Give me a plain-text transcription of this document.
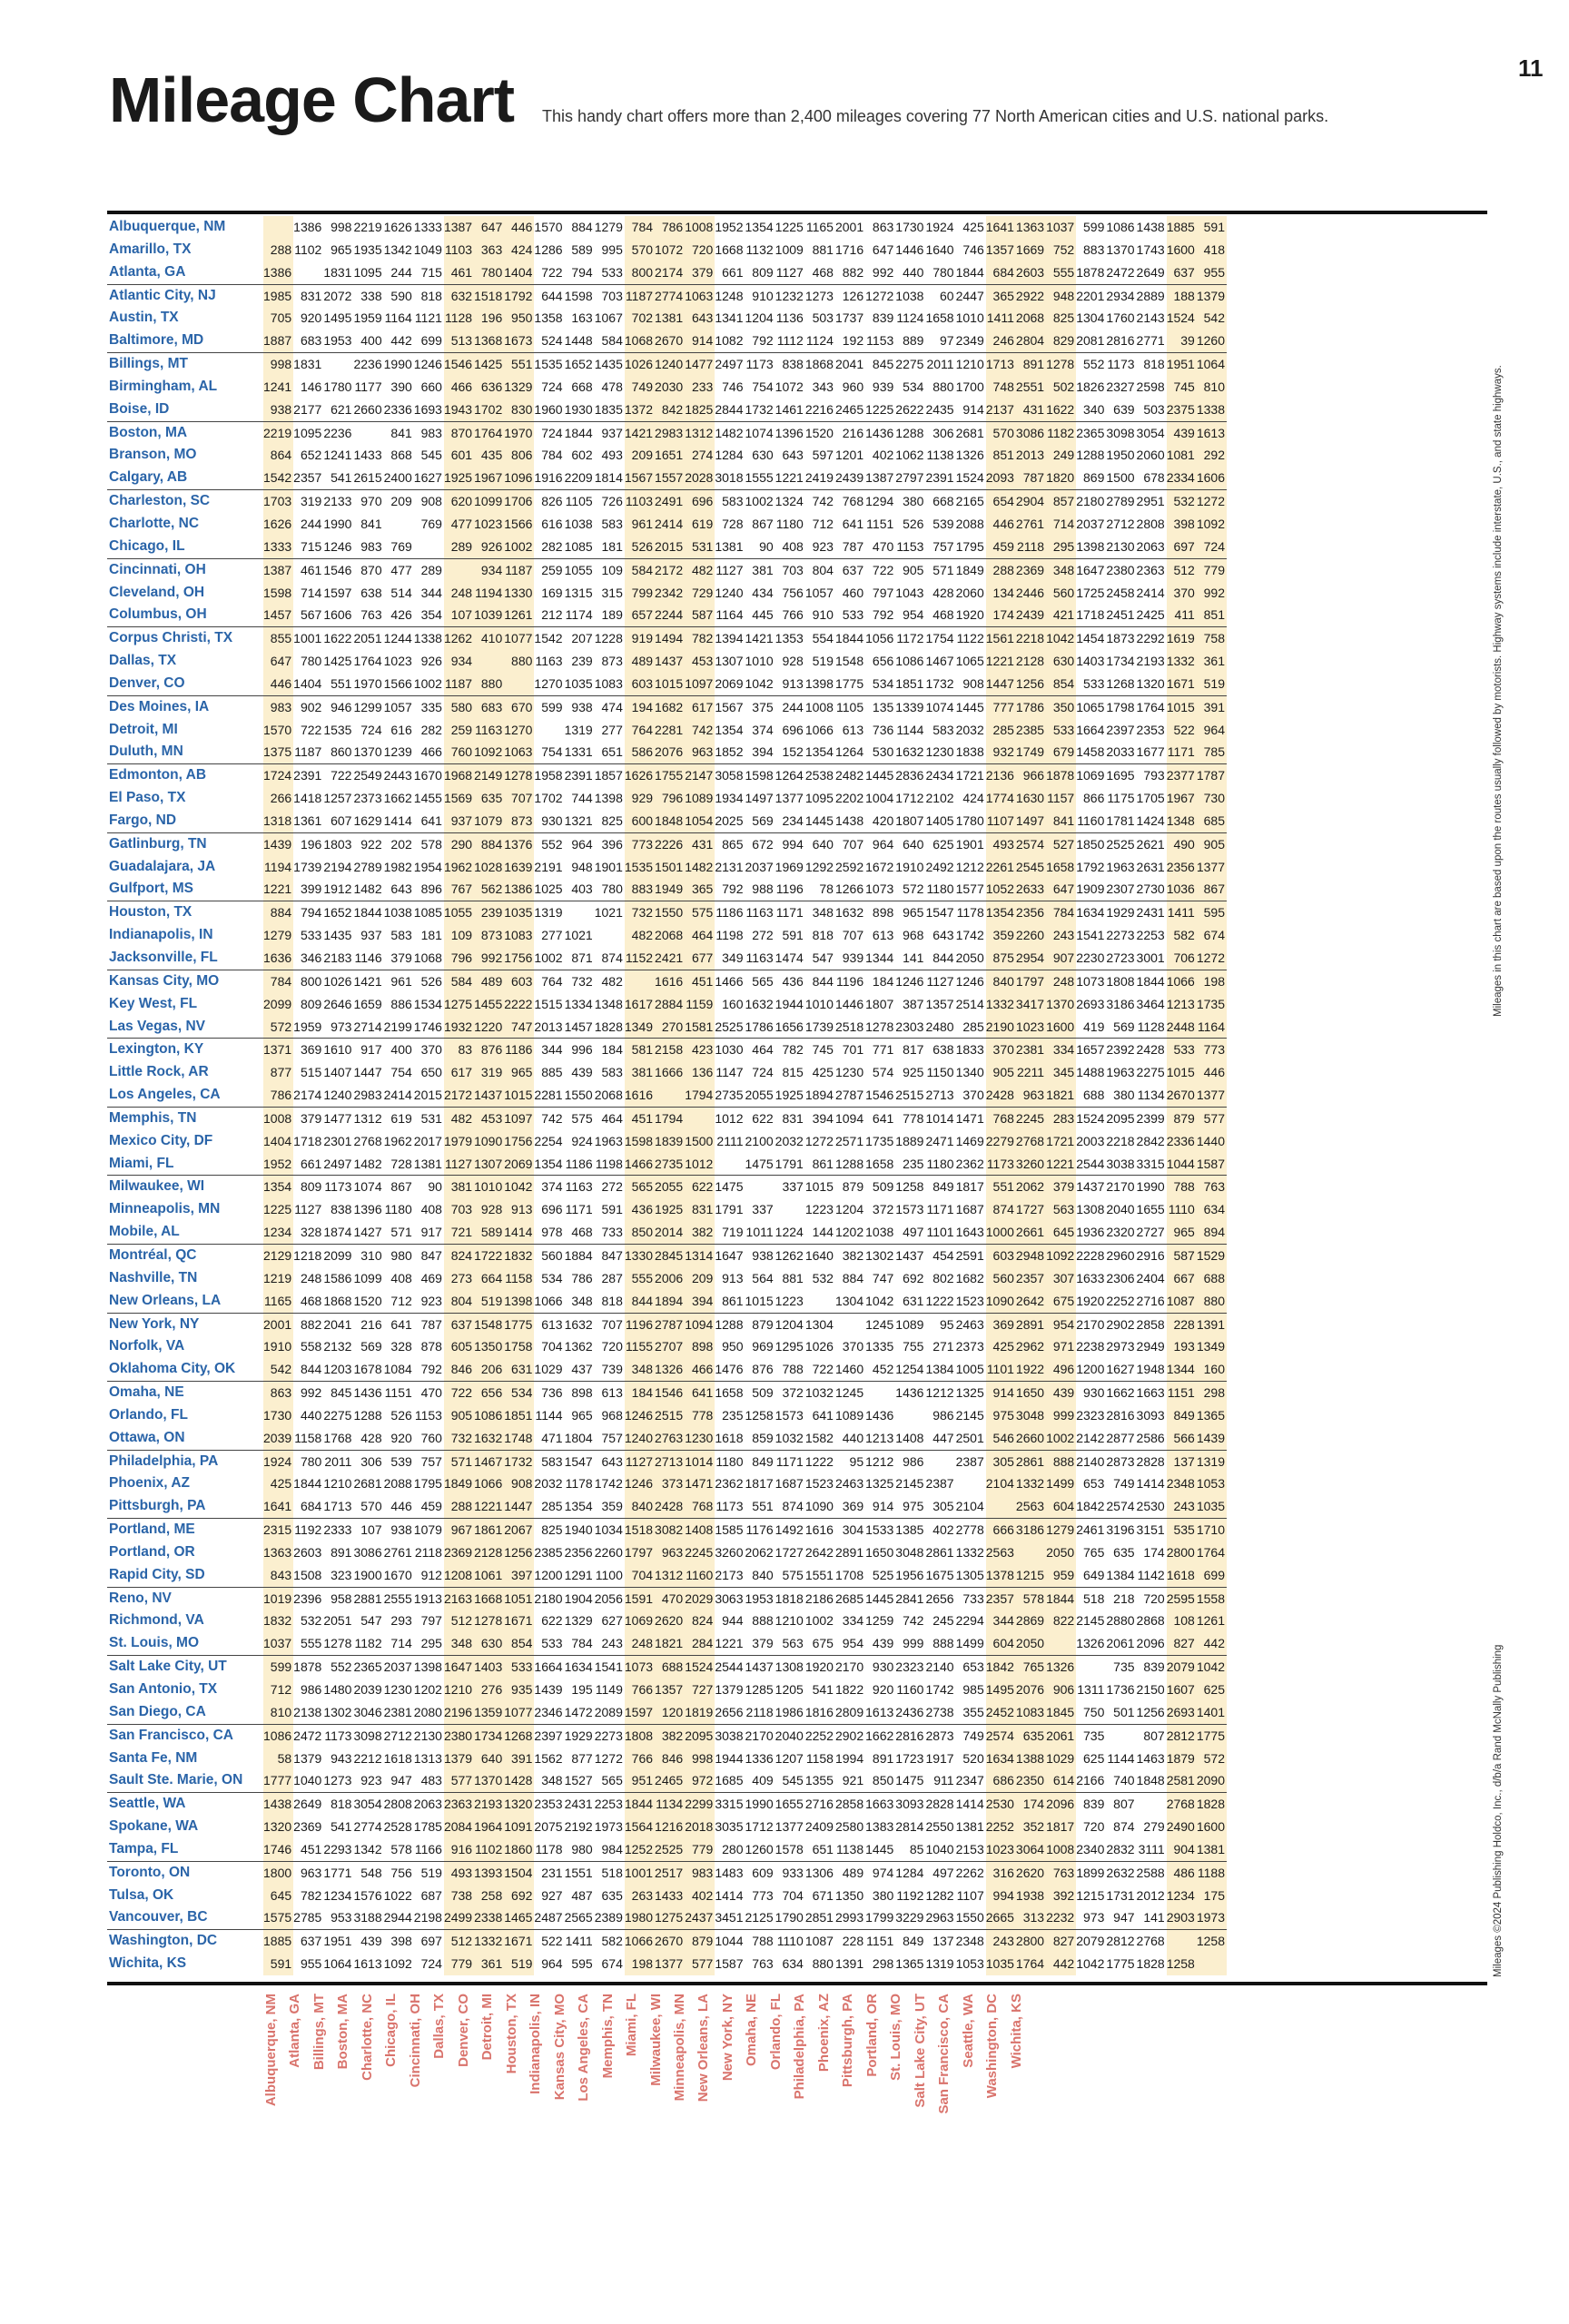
Mileage Chart This handy chart offers more than 2,400 mileages covering 77 North American cities and U.S. national parks.
11
Albuquerque, NM		1386	998	2219	1626	1333	1387	647	446	1570	884	1279	784	786	1008	1952	1354	1225	1165	2001	863	1730	1924	425	1641	1363	1037	599	1086	1438	1885	591
Amarillo, TX	288	1102	965	1935	1342	1049	1103	363	424	1286	589	995	570	1072	720	1668	1132	1009	881	1716	647	1446	1640	746	1357	1669	752	883	1370	1743	1600	418
Atlanta, GA	1386		1831	1095	244	715	461	780	1404	722	794	533	800	2174	379	661	809	1127	468	882	992	440	780	1844	684	2603	555	1878	2472	2649	637	955
Atlantic City, NJ	1985	831	2072	338	590	818	632	1518	1792	644	1598	703	1187	2774	1063	1248	910	1232	1273	126	1272	1038	60	2447	365	2922	948	2201	2934	2889	188	1379
Austin, TX	705	920	1495	1959	1164	1121	1128	196	950	1358	163	1067	702	1381	643	1341	1204	1136	503	1737	839	1124	1658	1010	1411	2068	825	1304	1760	2143	1524	542
Baltimore, MD	1887	683	1953	400	442	699	513	1368	1673	524	1448	584	1068	2670	914	1082	792	1112	1124	192	1153	889	97	2349	246	2804	829	2081	2816	2771	39	1260
Billings, MT	998	1831		2236	1990	1246	1546	1425	551	1535	1652	1435	1026	1240	1477	2497	1173	838	1868	2041	845	2275	2011	1210	1713	891	1278	552	1173	818	1951	1064
Birmingham, AL	1241	146	1780	1177	390	660	466	636	1329	724	668	478	749	2030	233	746	754	1072	343	960	939	534	880	1700	748	2551	502	1826	2327	2598	745	810
Boise, ID	938	2177	621	2660	2336	1693	1943	1702	830	1960	1930	1835	1372	842	1825	2844	1732	1461	2216	2465	1225	2622	2435	914	2137	431	1622	340	639	503	2375	1338
Boston, MA	2219	1095	2236		841	983	870	1764	1970	724	1844	937	1421	2983	1312	1482	1074	1396	1520	216	1436	1288	306	2681	570	3086	1182	2365	3098	3054	439	1613
Branson, MO	864	652	1241	1433	868	545	601	435	806	784	602	493	209	1651	274	1284	630	643	597	1201	402	1062	1138	1326	851	2013	249	1288	1950	2060	1081	292
Calgary, AB	1542	2357	541	2615	2400	1627	1925	1967	1096	1916	2209	1814	1567	1557	2028	3018	1555	1221	2419	2439	1387	2797	2391	1524	2093	787	1820	869	1500	678	2334	1606
Charleston, SC	1703	319	2133	970	209	908	620	1099	1706	826	1105	726	1103	2491	696	583	1002	1324	742	768	1294	380	668	2165	654	2904	857	2180	2789	2951	532	1272
Charlotte, NC	1626	244	1990	841		769	477	1023	1566	616	1038	583	961	2414	619	728	867	1180	712	641	1151	526	539	2088	446	2761	714	2037	2712	2808	398	1092
Chicago, IL	1333	715	1246	983	769		289	926	1002	282	1085	181	526	2015	531	1381	90	408	923	787	470	1153	757	1795	459	2118	295	1398	2130	2063	697	724
Cincinnati, OH	1387	461	1546	870	477	289		934	1187	259	1055	109	584	2172	482	1127	381	703	804	637	722	905	571	1849	288	2369	348	1647	2380	2363	512	779
Cleveland, OH	1598	714	1597	638	514	344	248	1194	1330	169	1315	315	799	2342	729	1240	434	756	1057	460	797	1043	428	2060	134	2446	560	1725	2458	2414	370	992
Columbus, OH	1457	567	1606	763	426	354	107	1039	1261	212	1174	189	657	2244	587	1164	445	766	910	533	792	954	468	1920	174	2439	421	1718	2451	2425	411	851
Corpus Christi, TX	855	1001	1622	2051	1244	1338	1262	410	1077	1542	207	1228	919	1494	782	1394	1421	1353	554	1844	1056	1172	1754	1122	1561	2218	1042	1454	1873	2292	1619	758
Dallas, TX	647	780	1425	1764	1023	926	934		880	1163	239	873	489	1437	453	1307	1010	928	519	1548	656	1086	1467	1065	1221	2128	630	1403	1734	2193	1332	361
Denver, CO	446	1404	551	1970	1566	1002	1187	880		1270	1035	1083	603	1015	1097	2069	1042	913	1398	1775	534	1851	1732	908	1447	1256	854	533	1268	1320	1671	519
Des Moines, IA	983	902	946	1299	1057	335	580	683	670	599	938	474	194	1682	617	1567	375	244	1008	1105	135	1339	1074	1445	777	1786	350	1065	1798	1764	1015	391
Detroit, MI	1570	722	1535	724	616	282	259	1163	1270		1319	277	764	2281	742	1354	374	696	1066	613	736	1144	583	2032	285	2385	533	1664	2397	2353	522	964
Duluth, MN	1375	1187	860	1370	1239	466	760	1092	1063	754	1331	651	586	2076	963	1852	394	152	1354	1264	530	1632	1230	1838	932	1749	679	1458	2033	1677	1171	785
Edmonton, AB	1724	2391	722	2549	2443	1670	1968	2149	1278	1958	2391	1857	1626	1755	2147	3058	1598	1264	2538	2482	1445	2836	2434	1721	2136	966	1878	1069	1695	793	2377	1787
El Paso, TX	266	1418	1257	2373	1662	1455	1569	635	707	1702	744	1398	929	796	1089	1934	1497	1377	1095	2202	1004	1712	2102	424	1774	1630	1157	866	1175	1705	1967	730
Fargo, ND	1318	1361	607	1629	1414	641	937	1079	873	930	1321	825	600	1848	1054	2025	569	234	1445	1438	420	1807	1405	1780	1107	1497	841	1160	1781	1424	1348	685
Gatlinburg, TN	1439	196	1803	922	202	578	290	884	1376	552	964	396	773	2226	431	865	672	994	640	707	964	640	625	1901	493	2574	527	1850	2525	2621	490	905
Guadalajara, JA	1194	1739	2194	2789	1982	1954	1962	1028	1639	2191	948	1901	1535	1501	1482	2131	2037	1969	1292	2592	1672	1910	2492	1212	2261	2545	1658	1792	1963	2631	2356	1377
Gulfport, MS	1221	399	1912	1482	643	896	767	562	1386	1025	403	780	883	1949	365	792	988	1196	78	1266	1073	572	1180	1577	1052	2633	647	1909	2307	2730	1036	867
Houston, TX	884	794	1652	1844	1038	1085	1055	239	1035	1319		1021	732	1550	575	1186	1163	1171	348	1632	898	965	1547	1178	1354	2356	784	1634	1929	2431	1411	595
Indianapolis, IN	1279	533	1435	937	583	181	109	873	1083	277	1021		482	2068	464	1198	272	591	818	707	613	968	643	1742	359	2260	243	1541	2273	2253	582	674
Jacksonville, FL	1636	346	2183	1146	379	1068	796	992	1756	1002	871	874	1152	2421	677	349	1163	1474	547	939	1344	141	844	2050	875	2954	907	2230	2723	3001	706	1272
Kansas City, MO	784	800	1026	1421	961	526	584	489	603	764	732	482		1616	451	1466	565	436	844	1196	184	1246	1127	1246	840	1797	248	1073	1808	1844	1066	198
Key West, FL	2099	809	2646	1659	886	1534	1275	1455	2222	1515	1334	1348	1617	2884	1159	160	1632	1944	1010	1446	1807	387	1357	2514	1332	3417	1370	2693	3186	3464	1213	1735
Las Vegas, NV	572	1959	973	2714	2199	1746	1932	1220	747	2013	1457	1828	1349	270	1581	2525	1786	1656	1739	2518	1278	2303	2480	285	2190	1023	1600	419	569	1128	2448	1164
Lexington, KY	1371	369	1610	917	400	370	83	876	1186	344	996	184	581	2158	423	1030	464	782	745	701	771	817	638	1833	370	2381	334	1657	2392	2428	533	773
Little Rock, AR	877	515	1407	1447	754	650	617	319	965	885	439	583	381	1666	136	1147	724	815	425	1230	574	925	1150	1340	905	2211	345	1488	1963	2275	1015	446
Los Angeles, CA	786	2174	1240	2983	2414	2015	2172	1437	1015	2281	1550	2068	1616		1794	2735	2055	1925	1894	2787	1546	2515	2713	370	2428	963	1821	688	380	1134	2670	1377
Memphis, TN	1008	379	1477	1312	619	531	482	453	1097	742	575	464	451	1794		1012	622	831	394	1094	641	778	1014	1471	768	2245	283	1524	2095	2399	879	577
Mexico City, DF	1404	1718	2301	2768	1962	2017	1979	1090	1756	2254	924	1963	1598	1839	1500	2111	2100	2032	1272	2571	1735	1889	2471	1469	2279	2768	1721	2003	2218	2842	2336	1440
Miami, FL	1952	661	2497	1482	728	1381	1127	1307	2069	1354	1186	1198	1466	2735	1012		1475	1791	861	1288	1658	235	1180	2362	1173	3260	1221	2544	3038	3315	1044	1587
Milwaukee, WI	1354	809	1173	1074	867	90	381	1010	1042	374	1163	272	565	2055	622	1475		337	1015	879	509	1258	849	1817	551	2062	379	1437	2170	1990	788	763
Minneapolis, MN	1225	1127	838	1396	1180	408	703	928	913	696	1171	591	436	1925	831	1791	337		1223	1204	372	1573	1171	1687	874	1727	563	1308	2040	1655	1110	634
Mobile, AL	1234	328	1874	1427	571	917	721	589	1414	978	468	733	850	2014	382	719	1011	1224	144	1202	1038	497	1101	1643	1000	2661	645	1936	2320	2727	965	894
Montréal, QC	2129	1218	2099	310	980	847	824	1722	1832	560	1884	847	1330	2845	1314	1647	938	1262	1640	382	1302	1437	454	2591	603	2948	1092	2228	2960	2916	587	1529
Nashville, TN	1219	248	1586	1099	408	469	273	664	1158	534	786	287	555	2006	209	913	564	881	532	884	747	692	802	1682	560	2357	307	1633	2306	2404	667	688
New Orleans, LA	1165	468	1868	1520	712	923	804	519	1398	1066	348	818	844	1894	394	861	1015	1223		1304	1042	631	1222	1523	1090	2642	675	1920	2252	2716	1087	880
New York, NY	2001	882	2041	216	641	787	637	1548	1775	613	1632	707	1196	2787	1094	1288	879	1204	1304		1245	1089	95	2463	369	2891	954	2170	2902	2858	228	1391
Norfolk, VA	1910	558	2132	569	328	878	605	1350	1758	704	1362	720	1155	2707	898	950	969	1295	1026	370	1335	755	271	2373	425	2962	971	2238	2973	2949	193	1349
Oklahoma City, OK	542	844	1203	1678	1084	792	846	206	631	1029	437	739	348	1326	466	1476	876	788	722	1460	452	1254	1384	1005	1101	1922	496	1200	1627	1948	1344	160
Omaha, NE	863	992	845	1436	1151	470	722	656	534	736	898	613	184	1546	641	1658	509	372	1032	1245		1436	1212	1325	914	1650	439	930	1662	1663	1151	298
Orlando, FL	1730	440	2275	1288	526	1153	905	1086	1851	1144	965	968	1246	2515	778	235	1258	1573	641	1089	1436		986	2145	975	3048	999	2323	2816	3093	849	1365
Ottawa, ON	2039	1158	1768	428	920	760	732	1632	1748	471	1804	757	1240	2763	1230	1618	859	1032	1582	440	1213	1408	447	2501	546	2660	1002	2142	2877	2586	566	1439
Philadelphia, PA	1924	780	2011	306	539	757	571	1467	1732	583	1547	643	1127	2713	1014	1180	849	1171	1222	95	1212	986		2387	305	2861	888	2140	2873	2828	137	1319
Phoenix, AZ	425	1844	1210	2681	2088	1795	1849	1066	908	2032	1178	1742	1246	373	1471	2362	1817	1687	1523	2463	1325	2145	2387		2104	1332	1499	653	749	1414	2348	1053
Pittsburgh, PA	1641	684	1713	570	446	459	288	1221	1447	285	1354	359	840	2428	768	1173	551	874	1090	369	914	975	305	2104		2563	604	1842	2574	2530	243	1035
Portland, ME	2315	1192	2333	107	938	1079	967	1861	2067	825	1940	1034	1518	3082	1408	1585	1176	1492	1616	304	1533	1385	402	2778	666	3186	1279	2461	3196	3151	535	1710
Portland, OR	1363	2603	891	3086	2761	2118	2369	2128	1256	2385	2356	2260	1797	963	2245	3260	2062	1727	2642	2891	1650	3048	2861	1332	2563		2050	765	635	174	2800	1764
Rapid City, SD	843	1508	323	1900	1670	912	1208	1061	397	1200	1291	1100	704	1312	1160	2173	840	575	1551	1708	525	1956	1675	1305	1378	1215	959	649	1384	1142	1618	699
Reno, NV	1019	2396	958	2881	2555	1913	2163	1668	1051	2180	1904	2056	1591	470	2029	3063	1953	1818	2186	2685	1445	2841	2656	733	2357	578	1844	518	218	720	2595	1558
Richmond, VA	1832	532	2051	547	293	797	512	1278	1671	622	1329	627	1069	2620	824	944	888	1210	1002	334	1259	742	245	2294	344	2869	822	2145	2880	2868	108	1261
St. Louis, MO	1037	555	1278	1182	714	295	348	630	854	533	784	243	248	1821	284	1221	379	563	675	954	439	999	888	1499	604	2050		1326	2061	2096	827	442
Salt Lake City, UT	599	1878	552	2365	2037	1398	1647	1403	533	1664	1634	1541	1073	688	1524	2544	1437	1308	1920	2170	930	2323	2140	653	1842	765	1326		735	839	2079	1042
San Antonio, TX	712	986	1480	2039	1230	1202	1210	276	935	1439	195	1149	766	1357	727	1379	1285	1205	541	1822	920	1160	1742	985	1495	2076	906	1311	1736	2150	1607	625
San Diego, CA	810	2138	1302	3046	2381	2080	2196	1359	1077	2346	1472	2089	1597	120	1819	2656	2118	1986	1816	2809	1613	2436	2738	355	2452	1083	1845	750	501	1256	2693	1401
San Francisco, CA	1086	2472	1173	3098	2712	2130	2380	1734	1268	2397	1929	2273	1808	382	2095	3038	2170	2040	2252	2902	1662	2816	2873	749	2574	635	2061	735		807	2812	1775
Santa Fe, NM	58	1379	943	2212	1618	1313	1379	640	391	1562	877	1272	766	846	998	1944	1336	1207	1158	1994	891	1723	1917	520	1634	1388	1029	625	1144	1463	1879	572
Sault Ste. Marie, ON	1777	1040	1273	923	947	483	577	1370	1428	348	1527	565	951	2465	972	1685	409	545	1355	921	850	1475	911	2347	686	2350	614	2166	740	1848	2581	2090
Seattle, WA	1438	2649	818	3054	2808	2063	2363	2193	1320	2353	2431	2253	1844	1134	2299	3315	1990	1655	2716	2858	1663	3093	2828	1414	2530	174	2096	839	807		2768	1828
Spokane, WA	1320	2369	541	2774	2528	1785	2084	1964	1091	2075	2192	1973	1564	1216	2018	3035	1712	1377	2409	2580	1383	2814	2550	1381	2252	352	1817	720	874	279	2490	1600
Tampa, FL	1746	451	2293	1342	578	1166	916	1102	1860	1178	980	984	1252	2525	779	280	1260	1578	651	1138	1445	85	1040	2153	1023	3064	1008	2340	2832	3111	904	1381
Toronto, ON	1800	963	1771	548	756	519	493	1393	1504	231	1551	518	1001	2517	983	1483	609	933	1306	489	974	1284	497	2262	316	2620	763	1899	2632	2588	486	1188
Tulsa, OK	645	782	1234	1576	1022	687	738	258	692	927	487	635	263	1433	402	1414	773	704	671	1350	380	1192	1282	1107	994	1938	392	1215	1731	2012	1234	175
Vancouver, BC	1575	2785	953	3188	2944	2198	2499	2338	1465	2487	2565	2389	1980	1275	2437	3451	2125	1790	2851	2993	1799	3229	2963	1550	2665	313	2232	973	947	141	2903	1973
Washington, DC	1885	637	1951	439	398	697	512	1332	1671	522	1411	582	1066	2670	879	1044	788	1110	1087	228	1151	849	137	2348	243	2800	827	2079	2812	2768		1258
Wichita, KS	591	955	1064	1613	1092	724	779	361	519	964	595	674	198	1377	577	1587	763	634	880	1391	298	1365	1319	1053	1035	1764	442	1042	1775	1828	1258	
Mileages in this chart are based upon the routes usually followed by motorists. Highway systems include interstate, U.S., and state highways.
Mileages ©2024 Publishing Holdco, Inc., d/b/a Rand McNally Publishing
Albuquerque, NM Atlanta, GA Billings, MT Boston, MA Charlotte, NC Chicago, IL Cincinnati, OH Dallas, TX Denver, CO Detroit, MI Houston, TX Indianapolis, IN Kansas City, MO Los Angeles, CA Memphis, TN Miami, FL Milwaukee, WI Minneapolis, MN New Orleans, LA New York, NY Omaha, NE Orlando, FL Philadelphia, PA Phoenix, AZ Pittsburgh, PA Portland, OR St. Louis, MO Salt Lake City, UT San Francisco, CA Seattle, WA Washington, DC Wichita, KS
